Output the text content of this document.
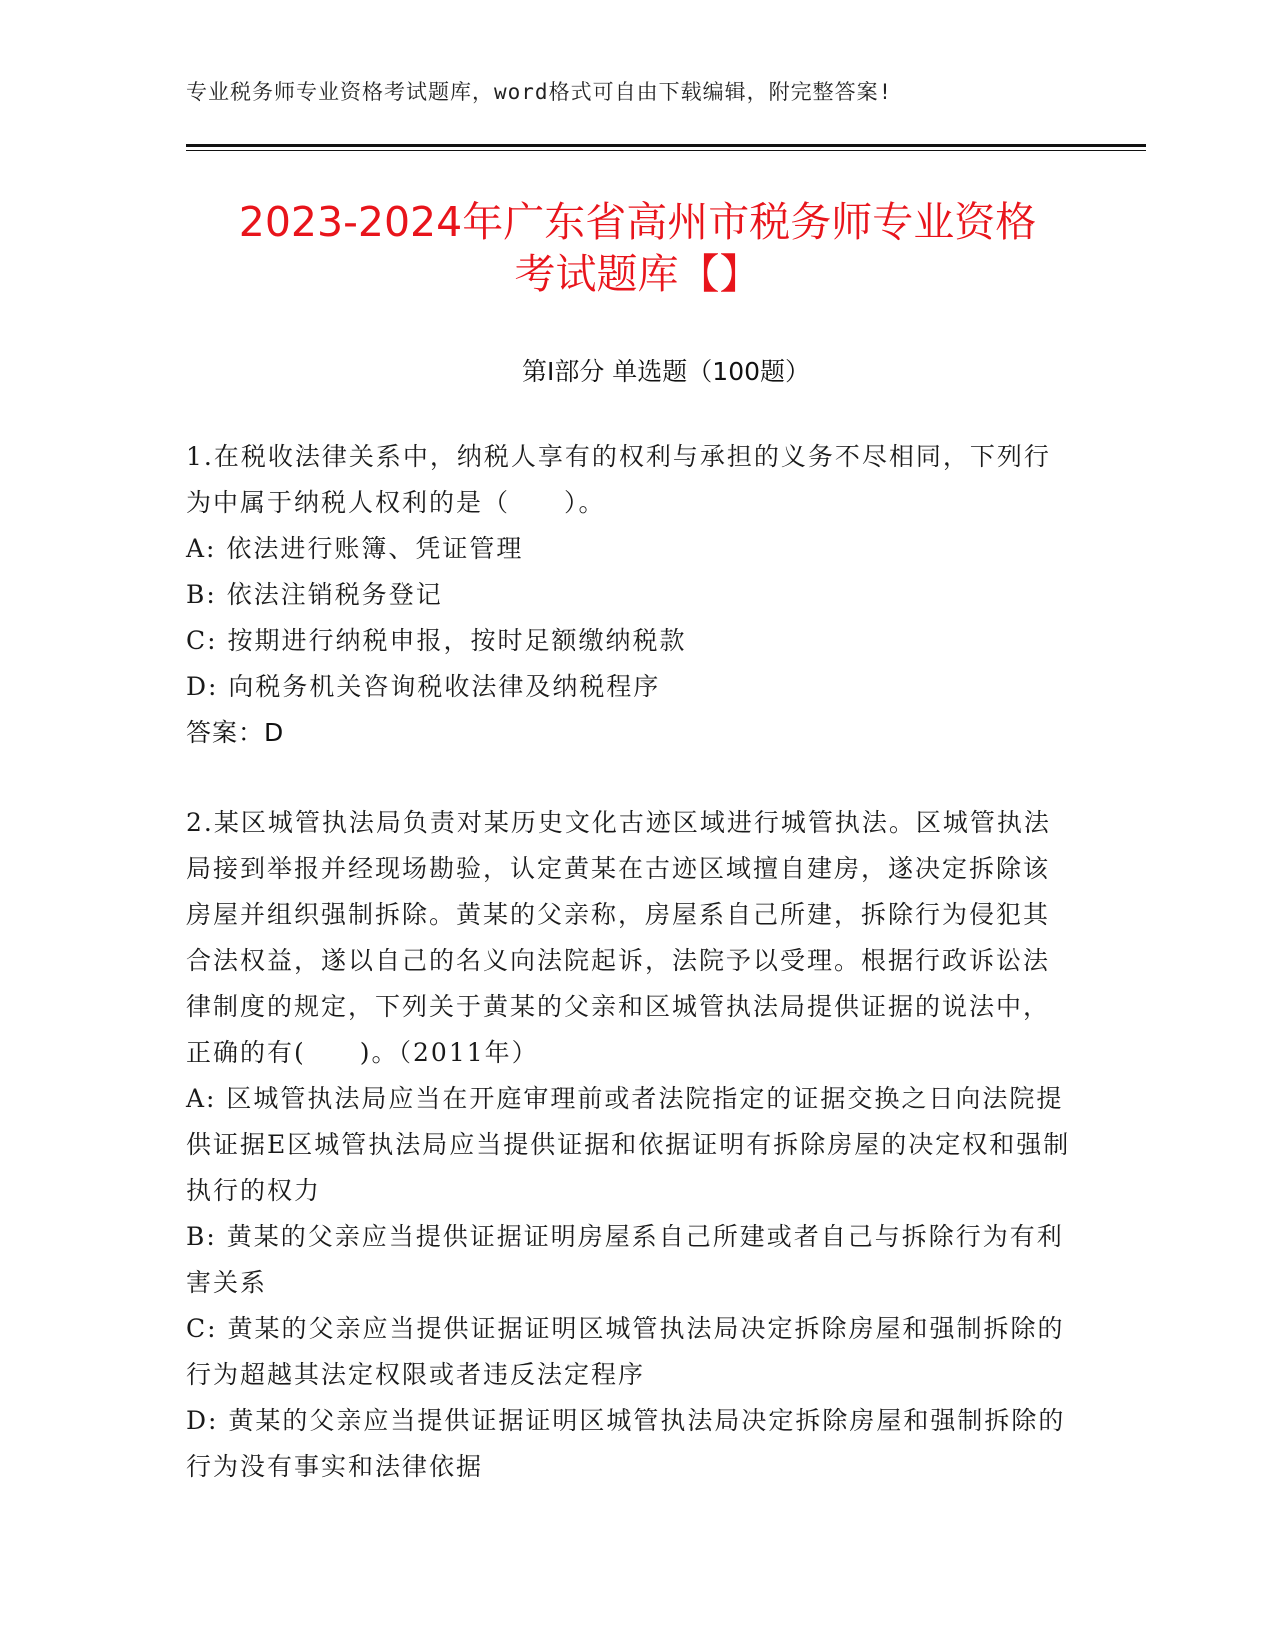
专业税务师专业资格考试题库，word格式可自由下载编辑，附完整答案!
2023-2024年广东省高州市税务师专业资格
考试题库【】
第Ⅰ部分 单选题（100题）

1.在税收法律关系中，纳税人享有的权利与承担的义务不尽相同，下列行为中属于纳税人权利的是（　　）。

A: 依法进行账簿、凭证管理

B: 依法注销税务登记

C: 按期进行纳税申报，按时足额缴纳税款

D: 向税务机关咨询税收法律及纳税程序

答案：D

2.某区城管执法局负责对某历史文化古迹区域进行城管执法。区城管执法局接到举报并经现场勘验，认定黄某在古迹区域擅自建房，遂决定拆除该房屋并组织强制拆除。黄某的父亲称，房屋系自己所建，拆除行为侵犯其合法权益，遂以自己的名义向法院起诉，法院予以受理。根据行政诉讼法律制度的规定，下列关于黄某的父亲和区城管执法局提供证据的说法中，正确的有(　　)。（2011年）

A: 区城管执法局应当在开庭审理前或者法院指定的证据交换之日向法院提供证据E区城管执法局应当提供证据和依据证明有拆除房屋的决定权和强制执行的权力

B: 黄某的父亲应当提供证据证明房屋系自己所建或者自己与拆除行为有利害关系

C: 黄某的父亲应当提供证据证明区城管执法局决定拆除房屋和强制拆除的行为超越其法定权限或者违反法定程序

D: 黄某的父亲应当提供证据证明区城管执法局决定拆除房屋和强制拆除的行为没有事实和法律依据
